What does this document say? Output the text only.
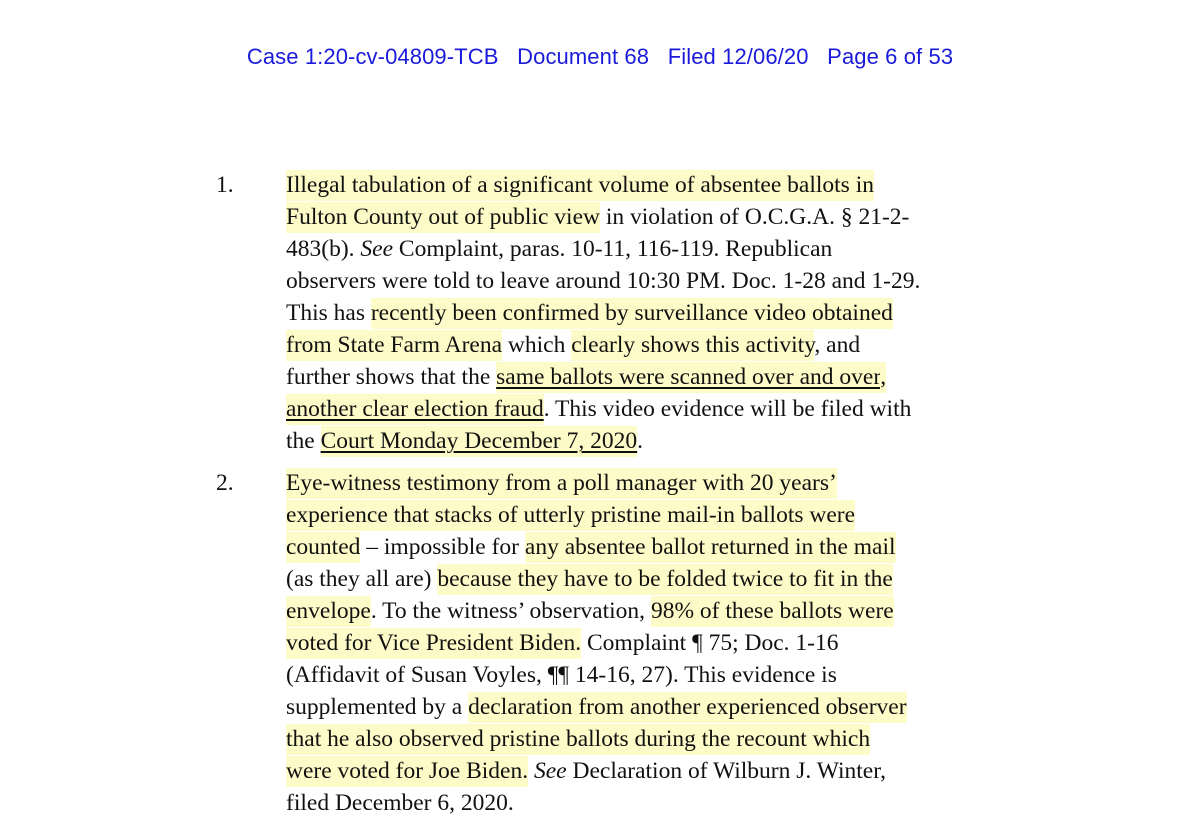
Case 1:20-cv-04809-TCB   Document 68   Filed 12/06/20   Page 6 of 53
1. Illegal tabulation of a significant volume of absentee ballots in
Fulton County out of public view in violation of O.C.G.A. § 21-2-
483(b). See Complaint, paras. 10-11, 116-119. Republican
observers were told to leave around 10:30 PM. Doc. 1-28 and 1-29.
This has recently been confirmed by surveillance video obtained
from State Farm Arena which clearly shows this activity, and
further shows that the same ballots were scanned over and over,
another clear election fraud. This video evidence will be filed with
the Court Monday December 7, 2020.
2. Eye-witness testimony from a poll manager with 20 years’
experience that stacks of utterly pristine mail-in ballots were
counted – impossible for any absentee ballot returned in the mail
(as they all are) because they have to be folded twice to fit in the
envelope. To the witness’ observation, 98% of these ballots were
voted for Vice President Biden. Complaint ¶ 75; Doc. 1-16
(Affidavit of Susan Voyles, ¶¶ 14-16, 27). This evidence is
supplemented by a declaration from another experienced observer
that he also observed pristine ballots during the recount which
were voted for Joe Biden. See Declaration of Wilburn J. Winter,
filed December 6, 2020.
